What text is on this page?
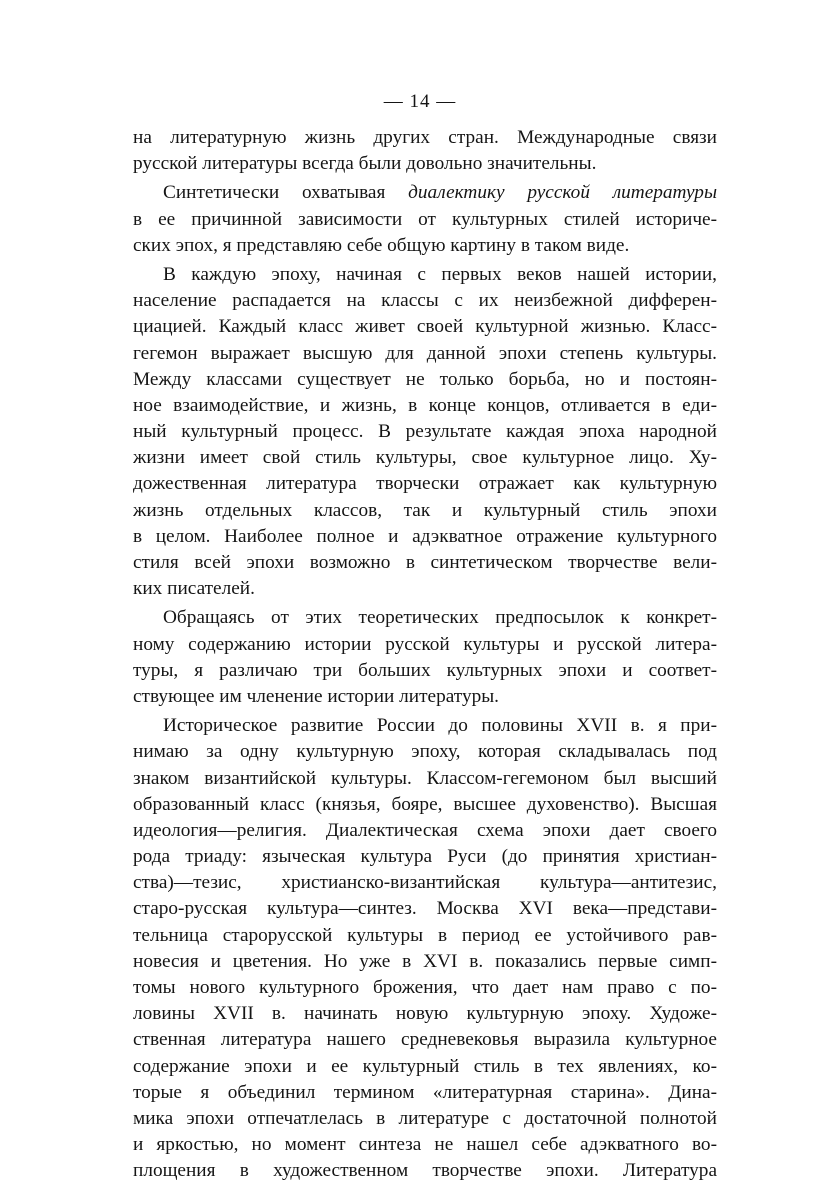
— 14 —
на литературную жизнь других стран. Международные связи
русской литературы всегда были довольно значительны.
Синтетически охватывая диалектику русской литературы
в ее причинной зависимости от культурных стилей историче-
ских эпох, я представляю себе общую картину в таком виде.
В каждую эпоху, начиная с первых веков нашей истории,
население распадается на классы с их неизбежной дифферен-
циацией. Каждый класс живет своей культурной жизнью. Класс-
гегемон выражает высшую для данной эпохи степень культуры.
Между классами существует не только борьба, но и постоян-
ное взаимодействие, и жизнь, в конце концов, отливается в еди-
ный культурный процесс. В результате каждая эпоха народной
жизни имеет свой стиль культуры, свое культурное лицо. Ху-
дожественная литература творчески отражает как культурную
жизнь отдельных классов, так и культурный стиль эпохи
в целом. Наиболее полное и адэкватное отражение культурного
стиля всей эпохи возможно в синтетическом творчестве вели-
ких писателей.
Обращаясь от этих теоретических предпосылок к конкрет-
ному содержанию истории русской культуры и русской литера-
туры, я различаю три больших культурных эпохи и соответ-
ствующее им членение истории литературы.
Историческое развитие России до половины XVII в. я при-
нимаю за одну культурную эпоху, которая складывалась под
знаком византийской культуры. Классом-гегемоном был высший
образованный класс (князья, бояре, высшее духовенство). Высшая
идеология—религия. Диалектическая схема эпохи дает своего
рода триаду: языческая культура Руси (до принятия христиан-
ства)—тезис, христианско-византийская культура—антитезис,
старо-русская культура—синтез. Москва XVI века—представи-
тельница старорусской культуры в период ее устойчивого рав-
новесия и цветения. Но уже в XVI в. показались первые симп-
томы нового культурного брожения, что дает нам право с по-
ловины XVII в. начинать новую культурную эпоху. Художе-
ственная литература нашего средневековья выразила культурное
содержание эпохи и ее культурный стиль в тех явлениях, ко-
торые я объединил термином «литературная старина». Дина-
мика эпохи отпечатлелась в литературе с достаточной полнотой
и яркостью, но момент синтеза не нашел себе адэкватного во-
площения в художественном творчестве эпохи. Литература
